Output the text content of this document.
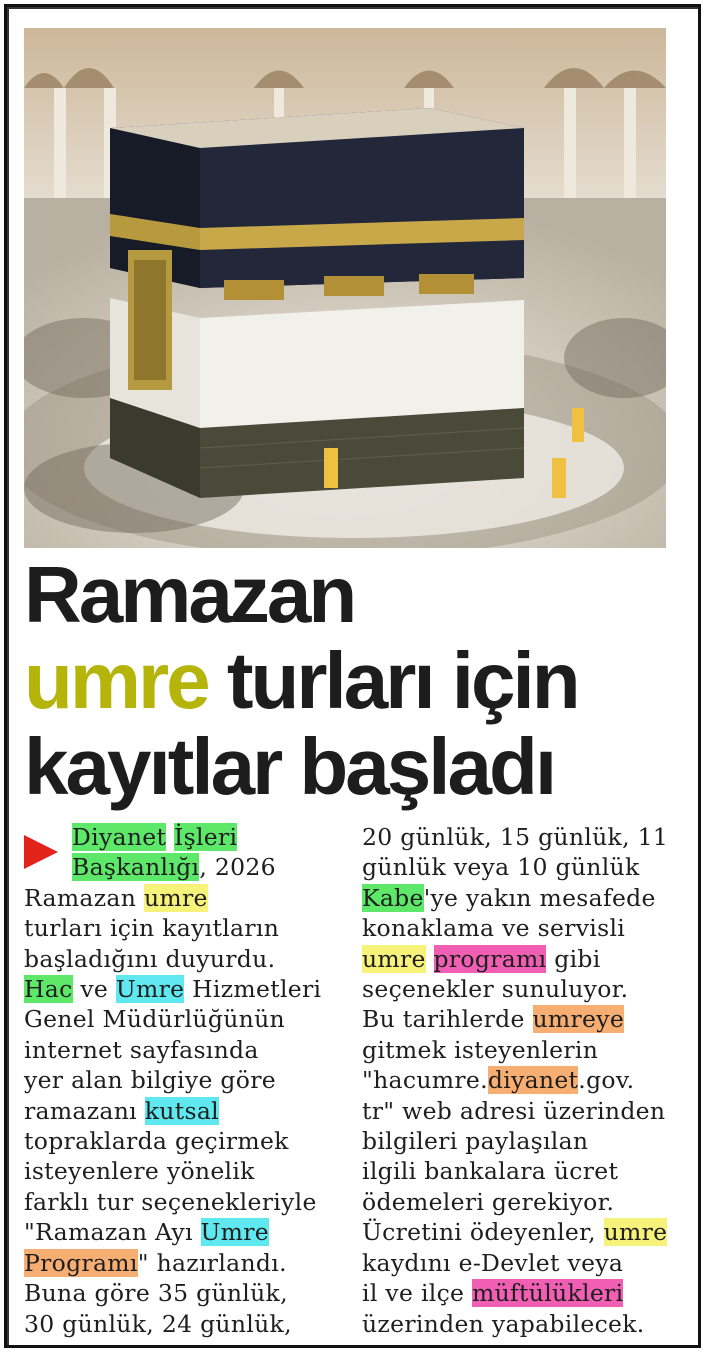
Ramazan
umre turları için
kayıtlar başladı
Diyanet İşleri
Başkanlığı, 2026
Ramazan umre
turları için kayıtların
başladığını duyurdu.
Hac ve Umre Hizmetleri
Genel Müdürlüğünün
internet sayfasında
yer alan bilgiye göre
ramazanı kutsal
topraklarda geçirmek
isteyenlere yönelik
farklı tur seçenekleriyle
"Ramazan Ayı Umre
Programı" hazırlandı.
Buna göre 35 günlük,
30 günlük, 24 günlük,
20 günlük, 15 günlük, 11
günlük veya 10 günlük
Kabe'ye yakın mesafede
konaklama ve servisli
umre programı gibi
seçenekler sunuluyor.
Bu tarihlerde umreye
gitmek isteyenlerin
"hacumre.diyanet.gov.
tr" web adresi üzerinden
bilgileri paylaşılan
ilgili bankalara ücret
ödemeleri gerekiyor.
Ücretini ödeyenler, umre
kaydını e-Devlet veya
il ve ilçe müftülükleri
üzerinden yapabilecek.
